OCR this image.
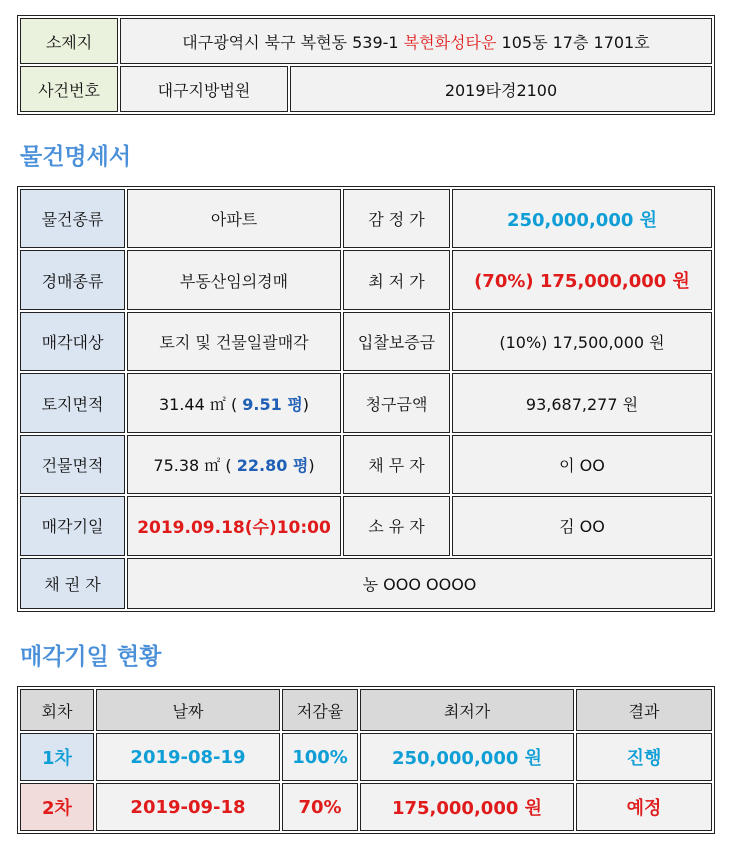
소제지	대구광역시 북구 복현동 539-1 복현화성타운 105동 17층 1701호	
사건번호	대구지방법원	2019타경2100
물건명세서
물건종류	아파트	감 정 가	250,000,000 원
경매종류	부동산임의경매	최 저 가	(70%) 175,000,000 원
매각대상	토지 및 건물일괄매각	입찰보증금	(10%) 17,500,000 원
토지면적	31.44 ㎡ ( 9.51 평)	청구금액	93,687,277 원
건물면적	75.38 ㎡ ( 22.80 평)	채 무 자	이 OO
매각기일	2019.09.18(수)10:00	소 유 자	김 OO
채 권 자	농 OOO OOOO		
매각기일 현황
회차	날짜	저감율	최저가	결과
1차	2019-08-19	100%	250,000,000 원	진행
2차	2019-09-18	70%	175,000,000 원	예정
